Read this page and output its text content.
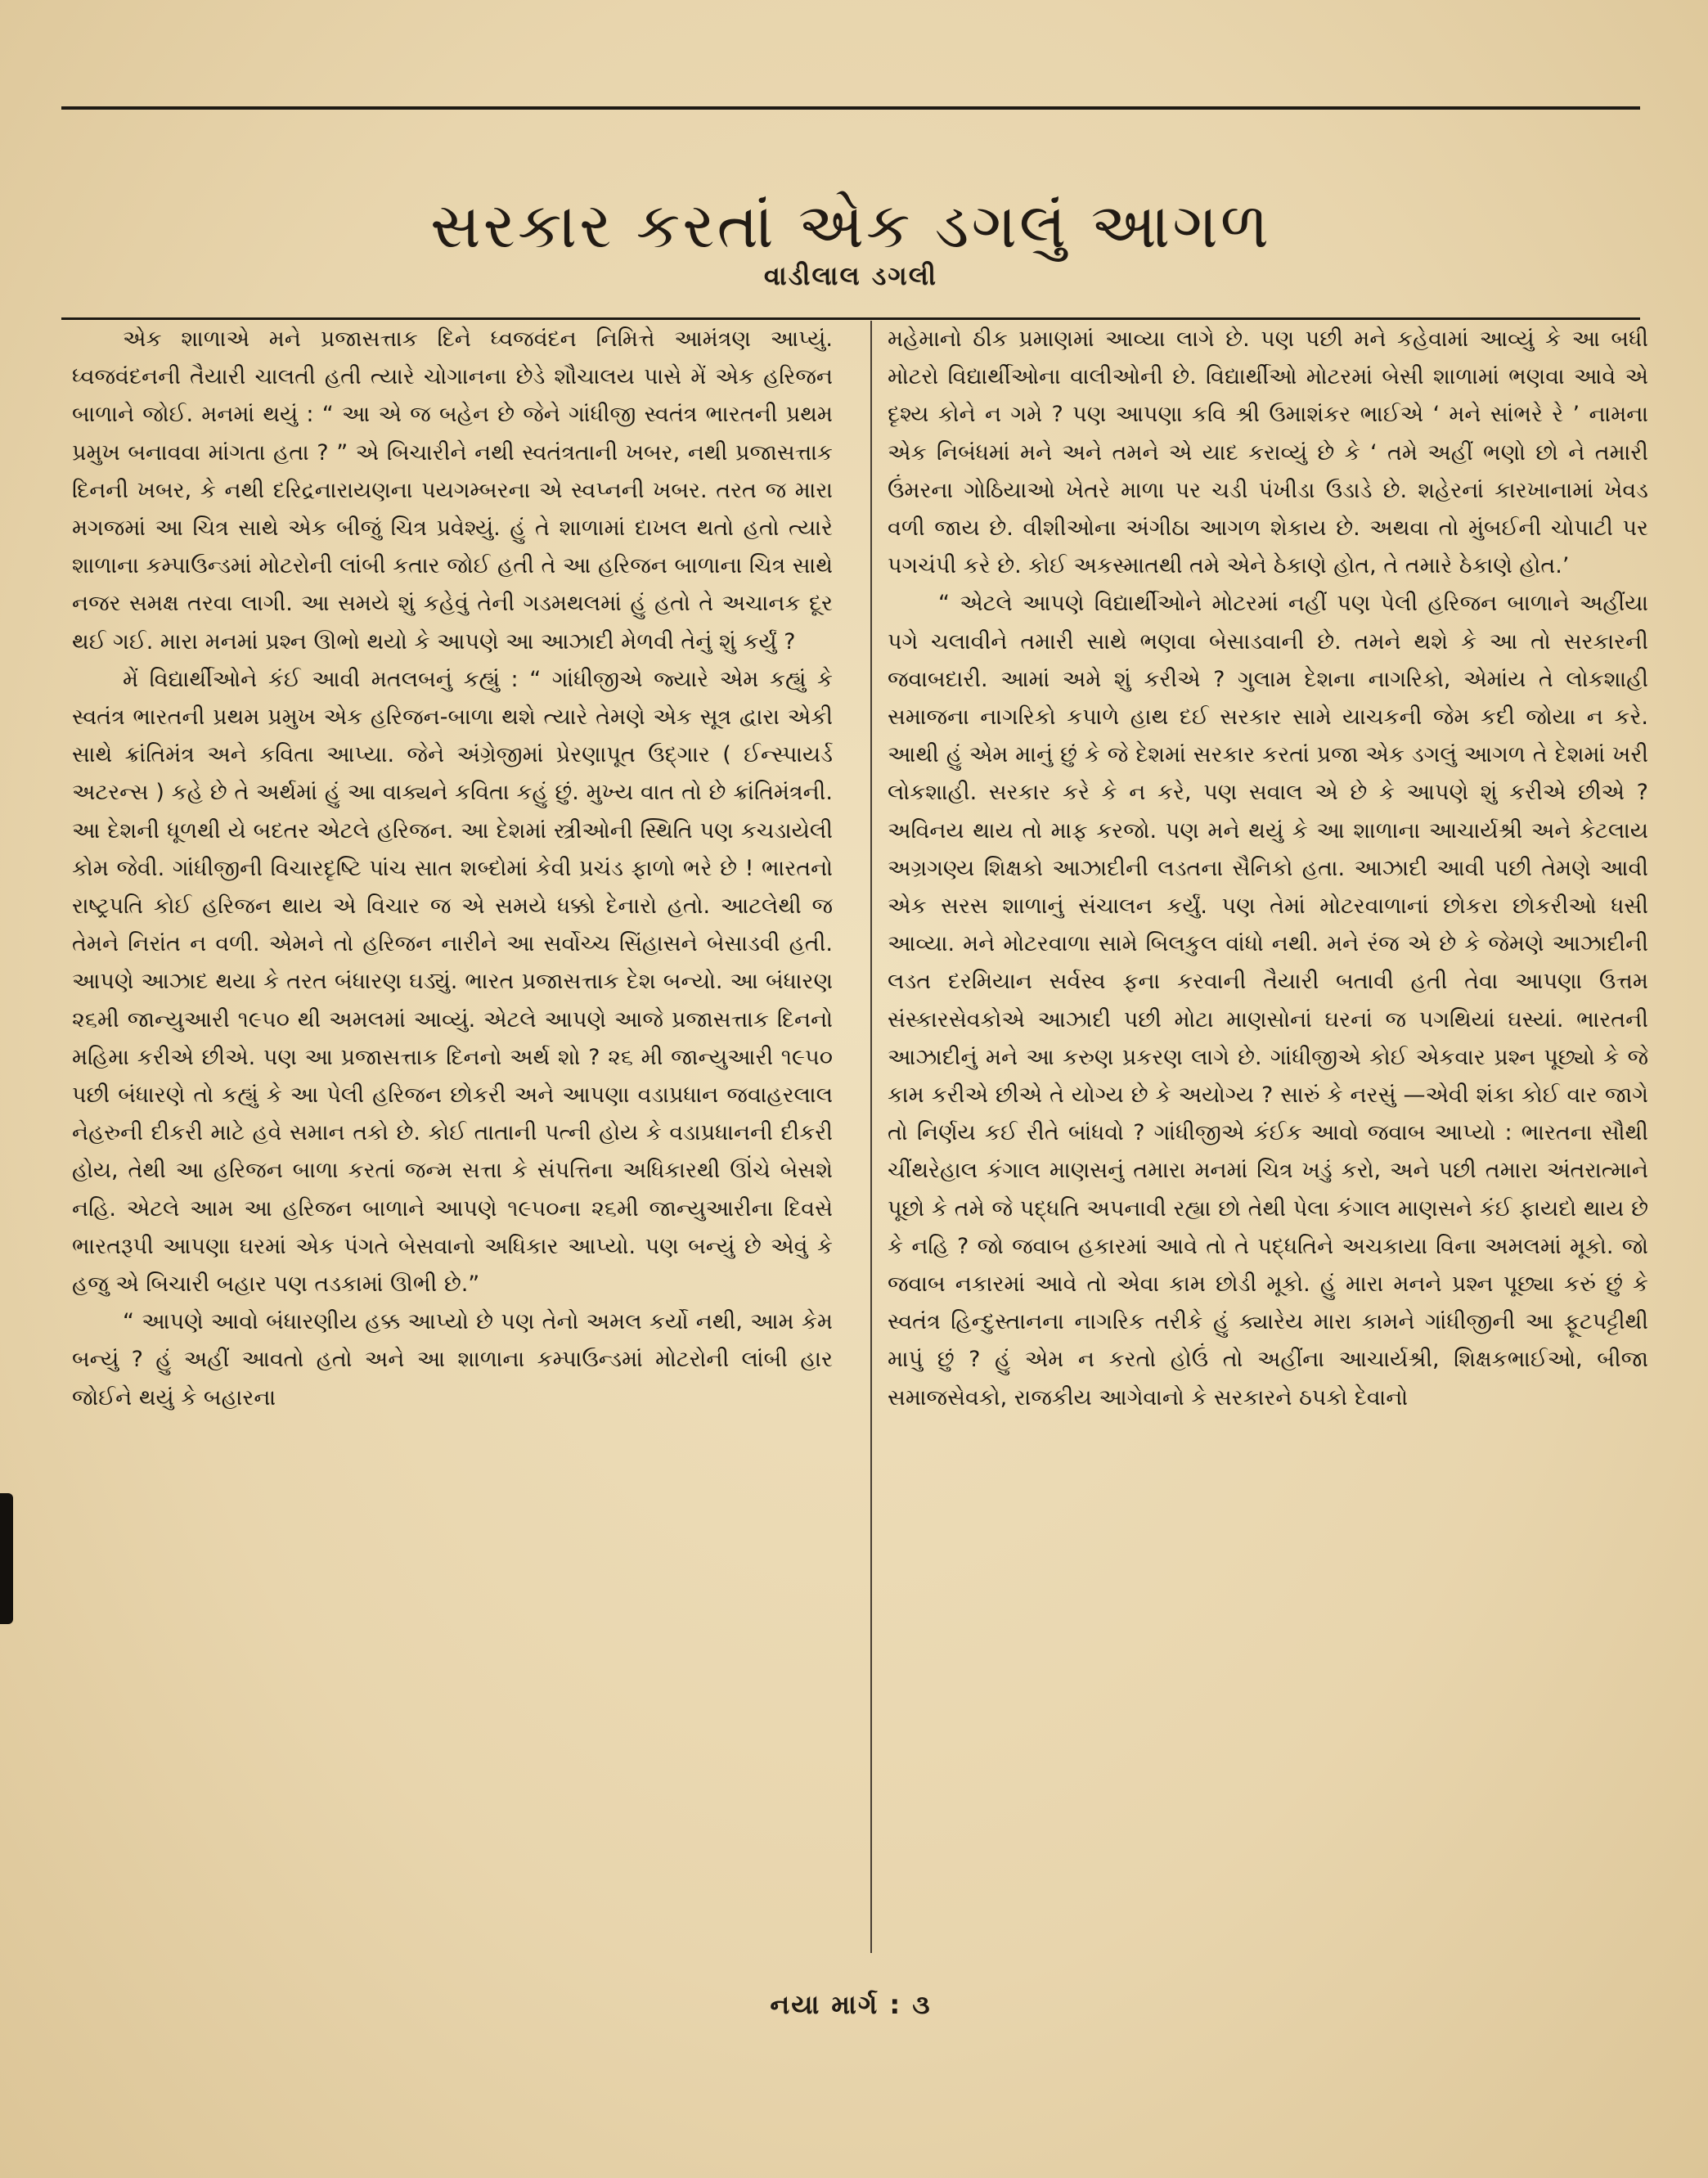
સરકાર કરતાં એક ડગલું આગળ
વાડીલાલ ડગલી

એક શાળાએ મને પ્રજાસત્તાક દિને ધ્વજવંદન નિમિત્તે આમંત્રણ આપ્યું. ધ્વજવંદનની તૈયારી ચાલતી હતી ત્યારે ચોગાનના છેડે શૌચાલય પાસે મેં એક હરિજન બાળાને જોઈ. મનમાં થયું : “ આ એ જ બહેન છે જેને ગાંધીજી સ્વતંત્ર ભારતની પ્રથમ પ્રમુખ બનાવવા માંગતા હતા ? ” એ બિચારીને નથી સ્વતંત્રતાની ખબર, નથી પ્રજાસત્તાક દિનની ખબર, કે નથી દરિદ્રનારાયણના પયગમ્બરના એ સ્વપ્નની ખબર. તરત જ મારા મગજમાં આ ચિત્ર સાથે એક બીજું ચિત્ર પ્રવેશ્યું. હું તે શાળામાં દાખલ થતો હતો ત્યારે શાળાના કમ્પાઉન્ડમાં મોટરોની લાંબી કતાર જોઈ હતી તે આ હરિજન બાળાના ચિત્ર સાથે નજર સમક્ષ તરવા લાગી. આ સમયે શું કહેવું તેની ગડમથલમાં હું હતો તે અચાનક દૂર થઈ ગઈ. મારા મનમાં પ્રશ્ન ઊભો થયો કે આપણે આ આઝાદી મેળવી તેનું શું કર્યું ?

મેં વિદ્યાર્થીઓને કંઈ આવી મતલબનું કહ્યું : “ ગાંધીજીએ જ્યારે એમ કહ્યું કે સ્વતંત્ર ભારતની પ્રથમ પ્રમુખ એક હરિજન-બાળા થશે ત્યારે તેમણે એક સૂત્ર દ્વારા એકી સાથે ક્રાંતિમંત્ર અને કવિતા આપ્યા. જેને અંગ્રેજીમાં પ્રેરણાપૂત ઉદ્ગાર ( ઈન્સ્પાયર્ડ અટરન્સ ) કહે છે તે અર્થમાં હું આ વાક્યને કવિતા કહું છું. મુખ્ય વાત તો છે ક્રાંતિમંત્રની. આ દેશની ધૂળથી યે બદતર એટલે હરિજન. આ દેશમાં સ્ત્રીઓની સ્થિતિ પણ કચડાયેલી કોમ જેવી. ગાંધીજીની વિચારદૃષ્ટિ પાંચ સાત શબ્દોમાં કેવી પ્રચંડ ફાળો ભરે છે ! ભારતનો રાષ્ટ્રપતિ કોઈ હરિજન થાય એ વિચાર જ એ સમયે ધક્કો દેનારો હતો. આટલેથી જ તેમને નિરાંત ન વળી. એમને તો હરિજન નારીને આ સર્વોચ્ચ સિંહાસને બેસાડવી હતી. આપણે આઝાદ થયા કે તરત બંધારણ ઘડ્યું. ભારત પ્રજાસત્તાક દેશ બન્યો. આ બંધારણ ૨૬મી જાન્યુઆરી ૧૯૫૦ થી અમલમાં આવ્યું. એટલે આપણે આજે પ્રજાસત્તાક દિનનો મહિમા કરીએ છીએ. પણ આ પ્રજાસત્તાક દિનનો અર્થ શો ? ૨૬ મી જાન્યુઆરી ૧૯૫૦ પછી બંધારણે તો કહ્યું કે આ પેલી હરિજન છોકરી અને આપણા વડાપ્રધાન જવાહરલાલ નેહરુની દીકરી માટે હવે સમાન તકો છે. કોઈ તાતાની પત્ની હોય કે વડાપ્રધાનની દીકરી હોય, તેથી આ હરિજન બાળા કરતાં જન્મ સત્તા કે સંપત્તિના અધિકારથી ઊંચે બેસશે નહિ. એટલે આમ આ હરિજન બાળાને આપણે ૧૯૫૦ના ૨૬મી જાન્યુઆરીના દિવસે ભારતરૂપી આપણા ઘરમાં એક પંગતે બેસવાનો અધિકાર આપ્યો. પણ બન્યું છે એવું કે હજુ એ બિચારી બહાર પણ તડકામાં ઊભી છે.”

“ આપણે આવો બંધારણીય હક્ક આપ્યો છે પણ તેનો અમલ કર્યો નથી, આમ કેમ બન્યું ? હું અહીં આવતો હતો અને આ શાળાના કમ્પાઉન્ડમાં મોટરોની લાંબી હાર જોઈને થયું કે બહારના

મહેમાનો ઠીક પ્રમાણમાં આવ્યા લાગે છે. પણ પછી મને કહેવામાં આવ્યું કે આ બધી મોટરો વિદ્યાર્થીઓના વાલીઓની છે. વિદ્યાર્થીઓ મોટરમાં બેસી શાળામાં ભણવા આવે એ દૃશ્ય કોને ન ગમે ? પણ આપણા કવિ શ્રી ઉમાશંકર ભાઈએ ‘ મને સાંભરે રે ’ નામના એક નિબંધમાં મને અને તમને એ યાદ કરાવ્યું છે કે ‘ તમે અહીં ભણો છો ને તમારી ઉંમરના ગોઠિયાઓ ખેતરે માળા પર ચડી પંખીડા ઉડાડે છે. શહેરનાં કારખાનામાં ખેવડ વળી જાય છે. વીશીઓના અંગીઠા આગળ શેકાય છે. અથવા તો મુંબઈની ચોપાટી પર પગચંપી કરે છે. કોઈ અકસ્માતથી તમે એને ઠેકાણે હોત, તે તમારે ઠેકાણે હોત.’

“ એટલે આપણે વિદ્યાર્થીઓને મોટરમાં નહીં પણ પેલી હરિજન બાળાને અહીંયા પગે ચલાવીને તમારી સાથે ભણવા બેસાડવાની છે. તમને થશે કે આ તો સરકારની જવાબદારી. આમાં અમે શું કરીએ ? ગુલામ દેશના નાગરિકો, એમાંય તે લોકશાહી સમાજના નાગરિકો કપાળે હાથ દઈ સરકાર સામે યાચકની જેમ કદી જોયા ન કરે. આથી હું એમ માનું છું કે જે દેશમાં સરકાર કરતાં પ્રજા એક ડગલું આગળ તે દેશમાં ખરી લોકશાહી. સરકાર કરે કે ન કરે, પણ સવાલ એ છે કે આપણે શું કરીએ છીએ ? અવિનય થાય તો માફ કરજો. પણ મને થયું કે આ શાળાના આચાર્યશ્રી અને કેટલાય અગ્રગણ્ય શિક્ષકો આઝાદીની લડતના સૈનિકો હતા. આઝાદી આવી પછી તેમણે આવી એક સરસ શાળાનું સંચાલન કર્યું. પણ તેમાં મોટરવાળાનાં છોકરા છોકરીઓ ધસી આવ્યા. મને મોટરવાળા સામે બિલકુલ વાંધો નથી. મને રંજ એ છે કે જેમણે આઝાદીની લડત દરમિયાન સર્વસ્વ ફના કરવાની તૈયારી બતાવી હતી તેવા આપણા ઉત્તમ સંસ્કારસેવકોએ આઝાદી પછી મોટા માણસોનાં ઘરનાં જ પગથિયાં ઘસ્યાં. ભારતની આઝાદીનું મને આ કરુણ પ્રકરણ લાગે છે. ગાંધીજીએ કોઈ એકવાર પ્રશ્ન પૂછ્યો કે જે કામ કરીએ છીએ તે યોગ્ય છે કે અયોગ્ય ? સારું કે નરસું —એવી શંકા કોઈ વાર જાગે તો નિર્ણય કઈ રીતે બાંધવો ? ગાંધીજીએ કંઈક આવો જવાબ આપ્યો : ભારતના સૌથી ચીંથરેહાલ કંગાલ માણસનું તમારા મનમાં ચિત્ર ખડું કરો, અને પછી તમારા અંતરાત્માને પૂછો કે તમે જે પદ્ધતિ અપનાવી રહ્યા છો તેથી પેલા કંગાલ માણસને કંઈ ફાયદો થાય છે કે નહિ ? જો જવાબ હકારમાં આવે તો તે પદ્ધતિને અચકાયા વિના અમલમાં મૂકો. જો જવાબ નકારમાં આવે તો એવા કામ છોડી મૂકો. હું મારા મનને પ્રશ્ન પૂછ્યા કરું છું કે સ્વતંત્ર હિન્દુસ્તાનના નાગરિક તરીકે હું ક્યારેય મારા કામને ગાંધીજીની આ ફૂટપટ્ટીથી માપું છું ? હું એમ ન કરતો હોઉં તો અહીંના આચાર્યશ્રી, શિક્ષકભાઈઓ, બીજા સમાજસેવકો, રાજકીય આગેવાનો કે સરકારને ઠપકો દેવાનો

નયા માર્ગ : ૩
